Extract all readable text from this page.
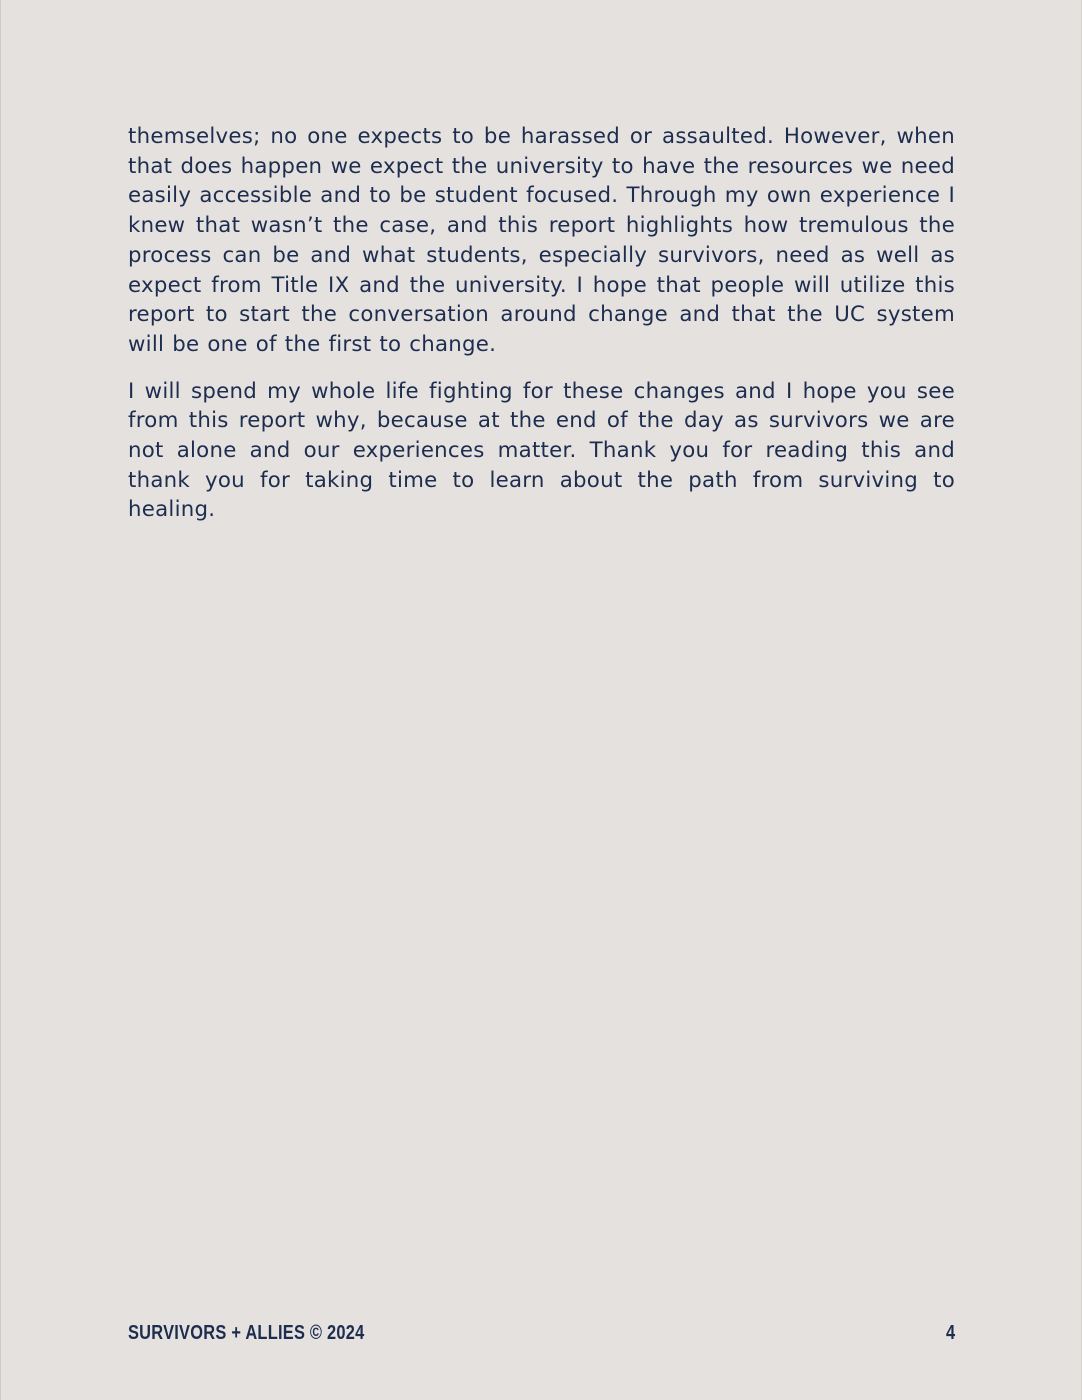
themselves; no one expects to be harassed or assaulted. However, when that does happen we expect the university to have the resources we need easily accessible and to be student focused. Through my own experience I knew that wasn’t the case, and this report highlights how tremulous the process can be and what students, especially survivors, need as well as expect from Title IX and the university. I hope that people will utilize this report to start the conversation around change and that the UC system will be one of the first to change.

I will spend my whole life fighting for these changes and I hope you see from this report why, because at the end of the day as survivors we are not alone and our experiences matter. Thank you for reading this and thank you for taking time to learn about the path from surviving to healing.

SURVIVORS + ALLIES © 2024	4
